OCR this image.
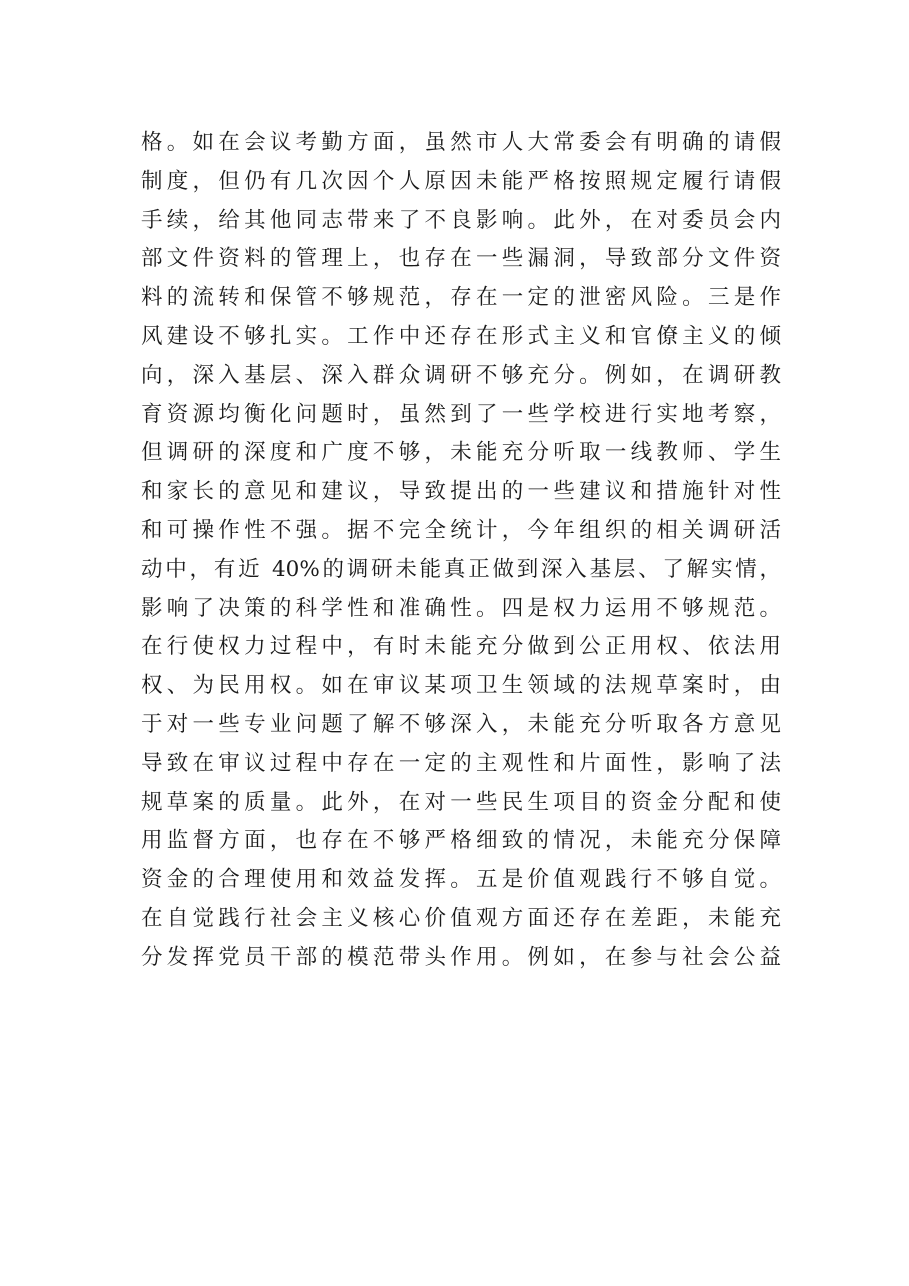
格。如在会议考勤方面，虽然市人大常委会有明确的请假
制度，但仍有几次因个人原因未能严格按照规定履行请假
手续，给其他同志带来了不良影响。此外，在对委员会内
部文件资料的管理上，也存在一些漏洞，导致部分文件资
料的流转和保管不够规范，存在一定的泄密风险。三是作
风建设不够扎实。工作中还存在形式主义和官僚主义的倾
向，深入基层、深入群众调研不够充分。例如，在调研教
育资源均衡化问题时，虽然到了一些学校进行实地考察，
但调研的深度和广度不够，未能充分听取一线教师、学生
和家长的意见和建议，导致提出的一些建议和措施针对性
和可操作性不强。据不完全统计，今年组织的相关调研活
动中，有近 40%的调研未能真正做到深入基层、了解实情，
影响了决策的科学性和准确性。四是权力运用不够规范。
在行使权力过程中，有时未能充分做到公正用权、依法用
权、为民用权。如在审议某项卫生领域的法规草案时，由
于对一些专业问题了解不够深入，未能充分听取各方意见
导致在审议过程中存在一定的主观性和片面性，影响了法
规草案的质量。此外，在对一些民生项目的资金分配和使
用监督方面，也存在不够严格细致的情况，未能充分保障
资金的合理使用和效益发挥。五是价值观践行不够自觉。
在自觉践行社会主义核心价值观方面还存在差距，未能充
分发挥党员干部的模范带头作用。例如，在参与社会公益
